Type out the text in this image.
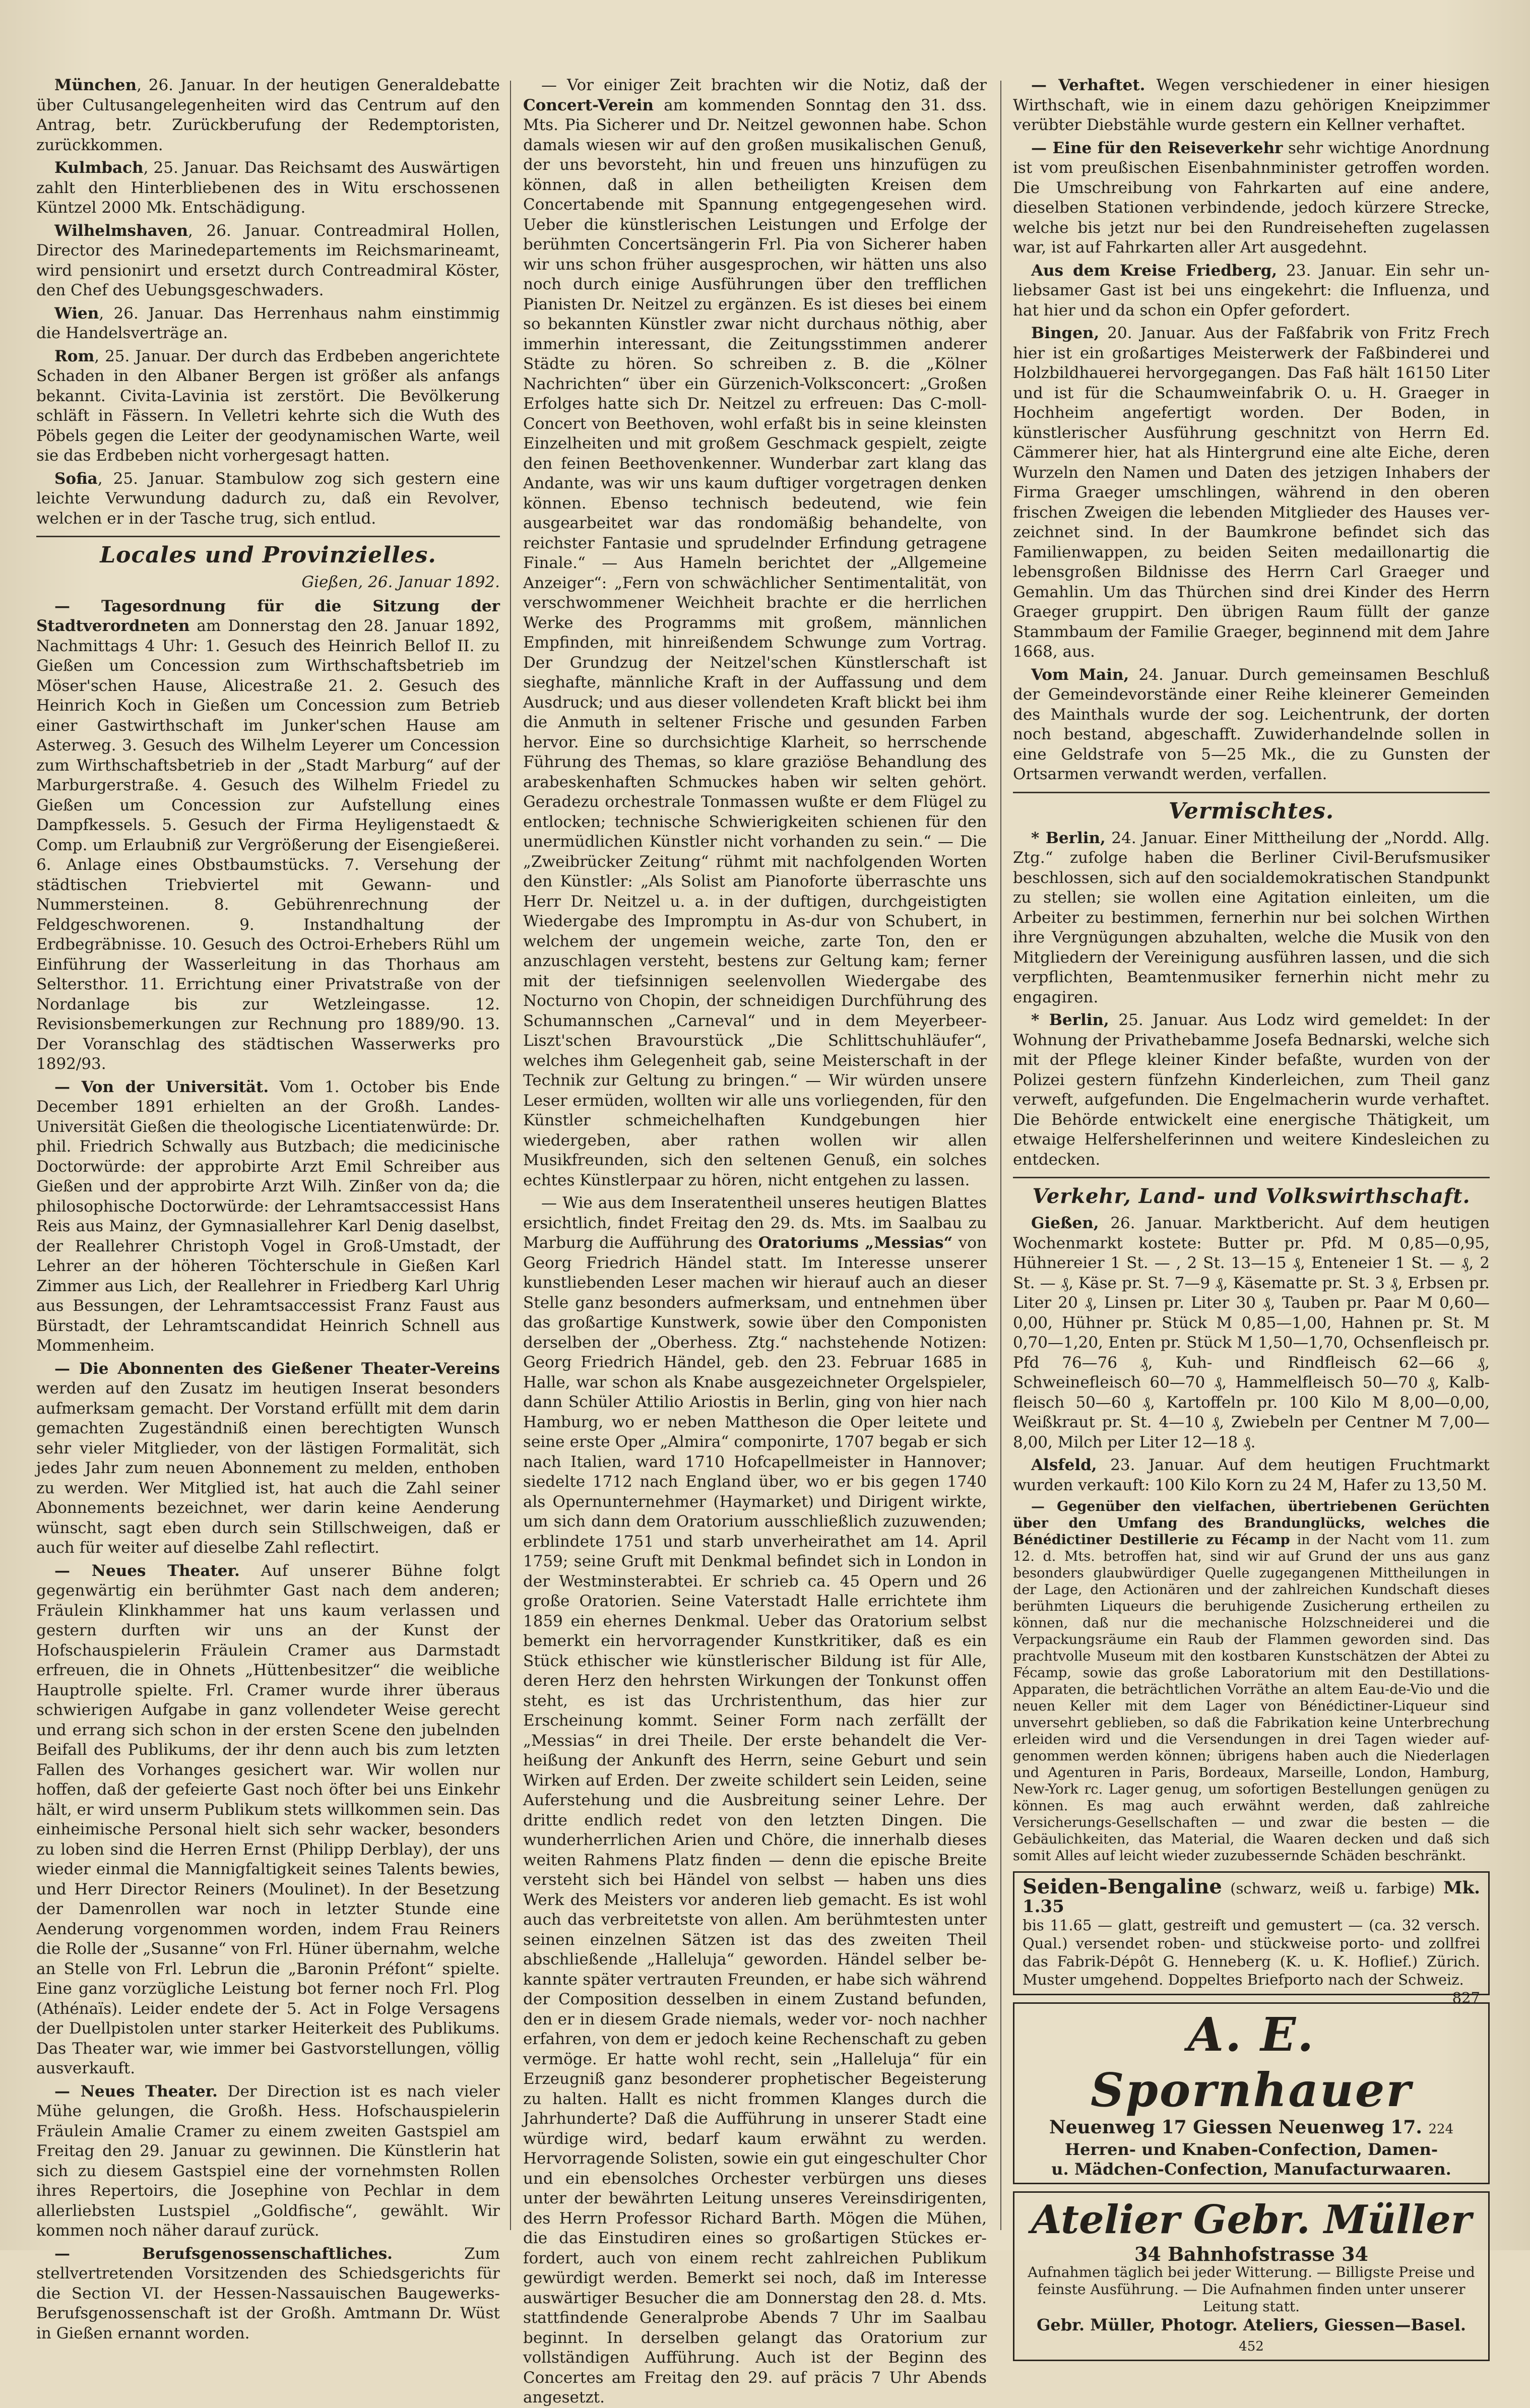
München, 26. Januar. In der heutigen Generaldebatte über Cultusangelegenheiten wird das Centrum auf den Antrag, betr. Zurückberufung der Redemptoristen, zurückkommen.

Kulmbach, 25. Januar. Das Reichsamt des Auswärtigen zahlt den Hinterbliebenen des in Witu erschossenen Küntzel 2000 Mk. Entschädigung.

Wilhelmshaven, 26. Januar. Contreadmiral Hollen, Director des Marinedepartements im Reichsmarineamt, wird pensionirt und ersetzt durch Contreadmiral Köster, den Chef des Uebungsgeschwaders.

Wien, 26. Januar. Das Herrenhaus nahm einstimmig die Handelsverträge an.

Rom, 25. Januar. Der durch das Erdbeben angerichtete Schaden in den Albaner Bergen ist größer als anfangs bekannt. Civita-Lavinia ist zerstört. Die Bevölkerung schläft in Fässern. In Velletri kehrte sich die Wuth des Pöbels gegen die Leiter der geodynamischen Warte, weil sie das Erdbeben nicht vorhergesagt hatten.

Sofia, 25. Januar. Stambulow zog sich gestern eine leichte Verwundung dadurch zu, daß ein Revolver, welchen er in der Tasche trug, sich entlud.

Locales und Provinzielles.
Gießen, 26. Januar 1892.

— Tagesordnung für die Sitzung der Stadtverordneten am Donnerstag den 28. Januar 1892, Nachmittags 4 Uhr: 1. Gesuch des Heinrich Bellof II. zu Gießen um Concession zum Wirthschaftsbetrieb im Möser'schen Hause, Alicestraße 21. 2. Gesuch des Heinrich Koch in Gießen um Concession zum Betrieb einer Gastwirthschaft im Junker'schen Hause am Asterweg. 3. Gesuch des Wilhelm Leyerer um Concession zum Wirthschaftsbetrieb in der „Stadt Marburg“ auf der Marburgerstraße. 4. Gesuch des Wilhelm Friedel zu Gießen um Concession zur Aufstellung eines Dampfkessels. 5. Gesuch der Firma Heyligenstaedt & Comp. um Erlaubniß zur Vergrößerung der Eisengießerei. 6. Anlage eines Obstbaumstücks. 7. Versehung der städtischen Triebviertel mit Gewann- und Nummersteinen. 8. Gebührenrechnung der Feldgeschworenen. 9. Instandhaltung der Erdbegräbnisse. 10. Gesuch des Octroi-Erhebers Rühl um Einführung der Wasserleitung in das Thorhaus am Seltersthor. 11. Errichtung einer Privatstraße von der Nordanlage bis zur Wetzleingasse. 12. Revisionsbemerkungen zur Rechnung pro 1889/90. 13. Der Voranschlag des städtischen Wasserwerks pro 1892/93.

— Von der Universität. Vom 1. October bis Ende December 1891 erhielten an der Großh. Landes-Universität Gießen die theologische Licentiatenwürde: Dr. phil. Friedrich Schwally aus Butzbach; die medicinische Doctorwürde: der approbirte Arzt Emil Schreiber aus Gießen und der approbirte Arzt Wilh. Zinßer von da; die philosophische Doctorwürde: der Lehramtsaccessist Hans Reis aus Mainz, der Gymnasiallehrer Karl Denig daselbst, der Reallehrer Christoph Vogel in Groß-Umstadt, der Lehrer an der höheren Töchterschule in Gießen Karl Zimmer aus Lich, der Reallehrer in Friedberg Karl Uhrig aus Bessungen, der Lehramtsaccessist Franz Faust aus Bürstadt, der Lehramtscandidat Heinrich Schnell aus Mommenheim.

— Die Abonnenten des Gießener Theater-Vereins werden auf den Zusatz im heutigen Inserat besonders aufmerksam gemacht. Der Vorstand erfüllt mit dem darin gemachten Zugeständniß einen berechtigten Wunsch sehr vieler Mitglieder, von der lästigen Formalität, sich jedes Jahr zum neuen Abonnement zu melden, enthoben zu werden. Wer Mitglied ist, hat auch die Zahl seiner Abonnements bezeichnet, wer darin keine Aenderung wünscht, sagt eben durch sein Stillschweigen, daß er auch für weiter auf dieselbe Zahl reflectirt.

— Neues Theater. Auf unserer Bühne folgt gegenwärtig ein berühmter Gast nach dem anderen; Fräulein Klinkhammer hat uns kaum verlassen und gestern durften wir uns an der Kunst der Hofschauspielerin Fräulein Cramer aus Darmstadt erfreuen, die in Ohnets „Hüttenbesitzer“ die weibliche Hauptrolle spielte. Frl. Cramer wurde ihrer überaus schwierigen Aufgabe in ganz vollendeter Weise gerecht und errang sich schon in der ersten Scene den jubelnden Beifall des Publikums, der ihr denn auch bis zum letzten Fallen des Vorhanges gesichert war. Wir wollen nur hoffen, daß der gefeierte Gast noch öfter bei uns Einkehr hält, er wird unserm Publikum stets willkommen sein. Das einheimische Personal hielt sich sehr wacker, besonders zu loben sind die Herren Ernst (Philipp Derblay), der uns wieder einmal die Mannigfaltigkeit seines Talents bewies, und Herr Director Reiners (Moulinet). In der Besetzung der Damenrollen war noch in letzter Stunde eine Aenderung vorgenommen worden, indem Frau Reiners die Rolle der „Susanne“ von Frl. Hüner übernahm, welche an Stelle von Frl. Lebrun die „Baronin Préfont“ spielte. Eine ganz vorzügliche Leistung bot ferner noch Frl. Plog (Athénaïs). Leider endete der 5. Act in Folge Versagens der Duellpistolen unter starker Heiterkeit des Publikums. Das Theater war, wie immer bei Gastvorstellungen, völlig ausverkauft.

— Neues Theater. Der Direction ist es nach vieler Mühe gelungen, die Großh. Hess. Hofschauspielerin Fräulein Amalie Cramer zu einem zweiten Gastspiel am Freitag den 29. Januar zu gewinnen. Die Künstlerin hat sich zu diesem Gastspiel eine der vornehmsten Rollen ihres Repertoirs, die Josephine von Pechlar in dem allerliebsten Lustspiel „Goldfische“, gewählt. Wir kommen noch näher darauf zurück.

— Berufsgenossenschaftliches. Zum stellvertretenden Vorsitzenden des Schiedsgerichts für die Section VI. der Hessen-Nassauischen Baugewerks-Berufsgenossenschaft ist der Großh. Amtmann Dr. Wüst in Gießen ernannt worden.

— Vor einiger Zeit brachten wir die Notiz, daß der Concert-Verein am kommenden Sonntag den 31. dss. Mts. Pia Sicherer und Dr. Neitzel gewonnen habe. Schon damals wiesen wir auf den großen musikalischen Genuß, der uns bevorsteht, hin und freuen uns hinzufügen zu können, daß in allen betheiligten Kreisen dem Concertabende mit Spannung entgegengesehen wird. Ueber die künstlerischen Leistungen und Erfolge der berühmten Concertsängerin Frl. Pia von Sicherer haben wir uns schon früher ausgesprochen, wir hätten uns also noch durch einige Ausführungen über den trefflichen Pianisten Dr. Neitzel zu ergänzen. Es ist dieses bei einem so bekannten Künstler zwar nicht durchaus nöthig, aber immerhin interessant, die Zeitungsstimmen anderer Städte zu hören. So schreiben z. B. die „Kölner Nachrichten“ über ein Gürzenich-Volksconcert: „Großen Erfolges hatte sich Dr. Neitzel zu erfreuen: Das C-moll-Concert von Beethoven, wohl erfaßt bis in seine kleinsten Einzelheiten und mit großem Geschmack gespielt, zeigte den feinen Beethovenkenner. Wunderbar zart klang das Andante, was wir uns kaum duftiger vorgetragen denken können. Ebenso technisch bedeutend, wie fein ausgearbeitet war das rondomäßig behandelte, von reichster Fantasie und sprudelnder Erfindung getragene Finale.“ — Aus Hameln berichtet der „Allgemeine Anzeiger“: „Fern von schwächlicher Sentimentalität, von verschwommener Weichheit brachte er die herrlichen Werke des Programms mit großem, männlichen Empfinden, mit hinreißendem Schwunge zum Vortrag. Der Grundzug der Neitzel'schen Künstlerschaft ist sieghafte, männliche Kraft in der Auffassung und dem Ausdruck; und aus dieser vollendeten Kraft blickt bei ihm die Anmuth in seltener Frische und gesunden Farben hervor. Eine so durchsichtige Klarheit, so herrschende Führung des Themas, so klare graziöse Behandlung des arabeskenhaften Schmuckes haben wir selten gehört. Geradezu orchestrale Tonmassen wußte er dem Flügel zu entlocken; technische Schwierigkeiten schienen für den unermüdlichen Künstler nicht vorhanden zu sein.“ — Die „Zweibrücker Zeitung“ rühmt mit nachfolgenden Worten den Künstler: „Als Solist am Pianoforte überraschte uns Herr Dr. Neitzel u. a. in der duftigen, durchgeistigten Wiedergabe des Impromptu in As-dur von Schubert, in welchem der ungemein weiche, zarte Ton, den er anzuschlagen versteht, bestens zur Geltung kam; ferner mit der tiefsinnigen seelenvollen Wiedergabe des Nocturno von Chopin, der schneidigen Durchführung des Schumannschen „Carneval“ und in dem Meyerbeer-Liszt'schen Bravourstück „Die Schlittschuhläufer“, welches ihm Gelegenheit gab, seine Meisterschaft in der Technik zur Geltung zu bringen.“ — Wir würden unsere Leser ermüden, wollten wir alle uns vorliegenden, für den Künstler schmeichelhaften Kundgebungen hier wiedergeben, aber rathen wollen wir allen Musikfreunden, sich den seltenen Genuß, ein solches echtes Künstlerpaar zu hören, nicht entgehen zu lassen.

— Wie aus dem Inseratentheil unseres heutigen Blattes ersichtlich, findet Freitag den 29. ds. Mts. im Saalbau zu Marburg die Aufführung des Oratoriums „Messias“ von Georg Friedrich Händel statt. Im Interesse unserer kunstliebenden Leser machen wir hierauf auch an dieser Stelle ganz besonders aufmerksam, und entnehmen über das großartige Kunstwerk, sowie über den Componisten derselben der „Oberhess. Ztg.“ nachstehende Notizen: Georg Friedrich Händel, geb. den 23. Februar 1685 in Halle, war schon als Knabe ausgezeichneter Orgelspieler, dann Schüler Attilio Ariostis in Berlin, ging von hier nach Hamburg, wo er neben Mattheson die Oper leitete und seine erste Oper „Almira“ componirte, 1707 begab er sich nach Italien, ward 1710 Hofcapellmeister in Hannover; siedelte 1712 nach England über, wo er bis gegen 1740 als Opernunternehmer (Haymarket) und Dirigent wirkte, um sich dann dem Oratorium ausschließlich zuzuwenden; erblindete 1751 und starb unverheirathet am 14. April 1759; seine Gruft mit Denkmal befindet sich in London in der Westminsterabtei. Er schrieb ca. 45 Opern und 26 große Oratorien. Seine Vaterstadt Halle errichtete ihm 1859 ein ehernes Denkmal. Ueber das Oratorium selbst bemerkt ein hervorragender Kunstkritiker, daß es ein Stück ethischer wie künstlerischer Bildung ist für Alle, deren Herz den hehrsten Wirkungen der Tonkunst offen steht, es ist das Urchristenthum, das hier zur Erscheinung kommt. Seiner Form nach zerfällt der „Messias“ in drei Theile. Der erste behandelt die Verheißung der Ankunft des Herrn, seine Geburt und sein Wirken auf Erden. Der zweite schildert sein Leiden, seine Auferstehung und die Ausbreitung seiner Lehre. Der dritte endlich redet von den letzten Dingen. Die wunderherrlichen Arien und Chöre, die innerhalb dieses weiten Rahmens Platz finden — denn die epische Breite versteht sich bei Händel von selbst — haben uns dies Werk des Meisters vor anderen lieb gemacht. Es ist wohl auch das verbreitetste von allen. Am berühmtesten unter seinen einzelnen Sätzen ist das des zweiten Theil abschließende „Halleluja“ geworden. Händel selber bekannte später vertrauten Freunden, er habe sich während der Composition desselben in einem Zustand befunden, den er in diesem Grade niemals, weder vor- noch nachher erfahren, von dem er jedoch keine Rechenschaft zu geben vermöge. Er hatte wohl recht, sein „Halleluja“ für ein Erzeugniß ganz besonderer prophetischer Begeisterung zu halten. Hallt es nicht frommen Klanges durch die Jahrhunderte? Daß die Aufführung in unserer Stadt eine würdige wird, bedarf kaum erwähnt zu werden. Hervorragende Solisten, sowie ein gut eingeschulter Chor und ein ebensolches Orchester verbürgen uns dieses unter der bewährten Leitung unseres Vereinsdirigenten, des Herrn Professor Richard Barth. Mögen die Mühen, die das Einstudiren eines so großartigen Stückes erfordert, auch von einem recht zahlreichen Publikum gewürdigt werden. Bemerkt sei noch, daß im Interesse auswärtiger Besucher die am Donnerstag den 28. d. Mts. stattfindende Generalprobe Abends 7 Uhr im Saalbau beginnt. In derselben gelangt das Oratorium zur vollständigen Aufführung. Auch ist der Beginn des Concertes am Freitag den 29. auf präcis 7 Uhr Abends angesetzt.

— Verhaftet. Wegen verschiedener in einer hiesigen Wirthschaft, wie in einem dazu gehörigen Kneipzimmer verübter Diebstähle wurde gestern ein Kellner verhaftet.

— Eine für den Reiseverkehr sehr wichtige Anordnung ist vom preußischen Eisenbahnminister getroffen worden. Die Umschreibung von Fahrkarten auf eine andere, dieselben Stationen verbindende, jedoch kürzere Strecke, welche bis jetzt nur bei den Rundreiseheften zugelassen war, ist auf Fahrkarten aller Art ausgedehnt.

Aus dem Kreise Friedberg, 23. Januar. Ein sehr unliebsamer Gast ist bei uns eingekehrt: die Influenza, und hat hier und da schon ein Opfer gefordert.

Bingen, 20. Januar. Aus der Faßfabrik von Fritz Frech hier ist ein großartiges Meisterwerk der Faßbinderei und Holzbildhauerei hervorgegangen. Das Faß hält 16150 Liter und ist für die Schaumweinfabrik O. u. H. Graeger in Hochheim angefertigt worden. Der Boden, in künstlerischer Ausführung geschnitzt von Herrn Ed. Cämmerer hier, hat als Hintergrund eine alte Eiche, deren Wurzeln den Namen und Daten des jetzigen Inhabers der Firma Graeger umschlingen, während in den oberen frischen Zweigen die lebenden Mitglieder des Hauses verzeichnet sind. In der Baumkrone befindet sich das Familienwappen, zu beiden Seiten medaillonartig die lebensgroßen Bildnisse des Herrn Carl Graeger und Gemahlin. Um das Thürchen sind drei Kinder des Herrn Graeger gruppirt. Den übrigen Raum füllt der ganze Stammbaum der Familie Graeger, beginnend mit dem Jahre 1668, aus.

Vom Main, 24. Januar. Durch gemeinsamen Beschluß der Gemeindevorstände einer Reihe kleinerer Gemeinden des Mainthals wurde der sog. Leichentrunk, der dorten noch bestand, abgeschafft. Zuwiderhandelnde sollen in eine Geldstrafe von 5—25 Mk., die zu Gunsten der Ortsarmen verwandt werden, verfallen.

Vermischtes.

* Berlin, 24. Januar. Einer Mittheilung der „Nordd. Allg. Ztg.“ zufolge haben die Berliner Civil-Berufsmusiker beschlossen, sich auf den socialdemokratischen Standpunkt zu stellen; sie wollen eine Agitation einleiten, um die Arbeiter zu bestimmen, fernerhin nur bei solchen Wirthen ihre Vergnügungen abzuhalten, welche die Musik von den Mitgliedern der Vereinigung ausführen lassen, und die sich verpflichten, Beamtenmusiker fernerhin nicht mehr zu engagiren.

* Berlin, 25. Januar. Aus Lodz wird gemeldet: In der Wohnung der Privathebamme Josefa Bednarski, welche sich mit der Pflege kleiner Kinder befaßte, wurden von der Polizei gestern fünfzehn Kinderleichen, zum Theil ganz verweft, aufgefunden. Die Engelmacherin wurde verhaftet. Die Behörde entwickelt eine energische Thätigkeit, um etwaige Helfershelferinnen und weitere Kindesleichen zu entdecken.

Verkehr, Land- und Volkswirthschaft.

Gießen, 26. Januar. Marktbericht. Auf dem heutigen Wochenmarkt kostete: Butter pr. Pfd. M 0,85—0,95, Hühnereier 1 St. — , 2 St. 13—15 ₰, Enteneier 1 St. — ₰, 2 St. — ₰, Käse pr. St. 7—9 ₰, Käsematte pr. St. 3 ₰, Erbsen pr. Liter 20 ₰, Linsen pr. Liter 30 ₰, Tauben pr. Paar M 0,60—0,00, Hühner pr. Stück M 0,85—1,00, Hahnen pr. St. M 0,70—1,20, Enten pr. Stück M 1,50—1,70, Ochsenfleisch pr. Pfd 76—76 ₰, Kuh- und Rindfleisch 62—66 ₰, Schweinefleisch 60—70 ₰, Hammelfleisch 50—70 ₰, Kalbfleisch 50—60 ₰, Kartoffeln pr. 100 Kilo M 8,00—0,00, Weißkraut pr. St. 4—10 ₰, Zwiebeln per Centner M 7,00—8,00, Milch per Liter 12—18 ₰.

Alsfeld, 23. Januar. Auf dem heutigen Fruchtmarkt wurden verkauft: 100 Kilo Korn zu 24 M, Hafer zu 13,50 M.

— Gegenüber den vielfachen, übertriebenen Gerüchten über den Umfang des Brandunglücks, welches die Bénédictiner Destillerie zu Fécamp in der Nacht vom 11. zum 12. d. Mts. betroffen hat, sind wir auf Grund der uns aus ganz besonders glaubwürdiger Quelle zugegangenen Mittheilungen in der Lage, den Actionären und der zahlreichen Kundschaft dieses berühmten Liqueurs die beruhigende Zusicherung ertheilen zu können, daß nur die mechanische Holzschneiderei und die Verpackungsräume ein Raub der Flammen geworden sind. Das prachtvolle Museum mit den kostbaren Kunstschätzen der Abtei zu Fécamp, sowie das große Laboratorium mit den Destillations-Apparaten, die beträchtlichen Vorräthe an altem Eau-de-Vio und die neuen Keller mit dem Lager von Bénédictiner-Liqueur sind unversehrt geblieben, so daß die Fabrikation keine Unterbrechung erleiden wird und die Versendungen in drei Tagen wieder aufgenommen werden können; übrigens haben auch die Niederlagen und Agenturen in Paris, Bordeaux, Marseille, London, Hamburg, New-York rc. Lager genug, um sofortigen Bestellungen genügen zu können. Es mag auch erwähnt werden, daß zahlreiche Versicherungs-Gesellschaften — und zwar die besten — die Gebäulichkeiten, das Material, die Waaren decken und daß sich somit Alles auf leicht wieder zuzubessernde Schäden beschränkt.

Seiden-Bengaline (schwarz, weiß u. farbige) Mk. 1.35

bis 11.65 — glatt, gestreift und gemustert — (ca. 32 versch. Qual.) versendet roben- und stückweise porto- und zollfrei das Fabrik-Dépôt G. Henneberg (K. u. K. Hoflief.) Zürich. Muster umgehend. Doppeltes Briefporto nach der Schweiz.
827

A. E. Spornhauer

Neuenweg 17 Giessen Neuenweg 17. 224

Herren- und Knaben-Confection, Damen-

u. Mädchen-Confection, Manufacturwaaren.

Atelier Gebr. Müller

34 Bahnhofstrasse 34

Aufnahmen täglich bei jeder Witterung. — Billigste Preise und

feinste Ausführung. — Die Aufnahmen finden unter unserer

Leitung statt.

Gebr. Müller, Photogr. Ateliers, Giessen—Basel. 452
